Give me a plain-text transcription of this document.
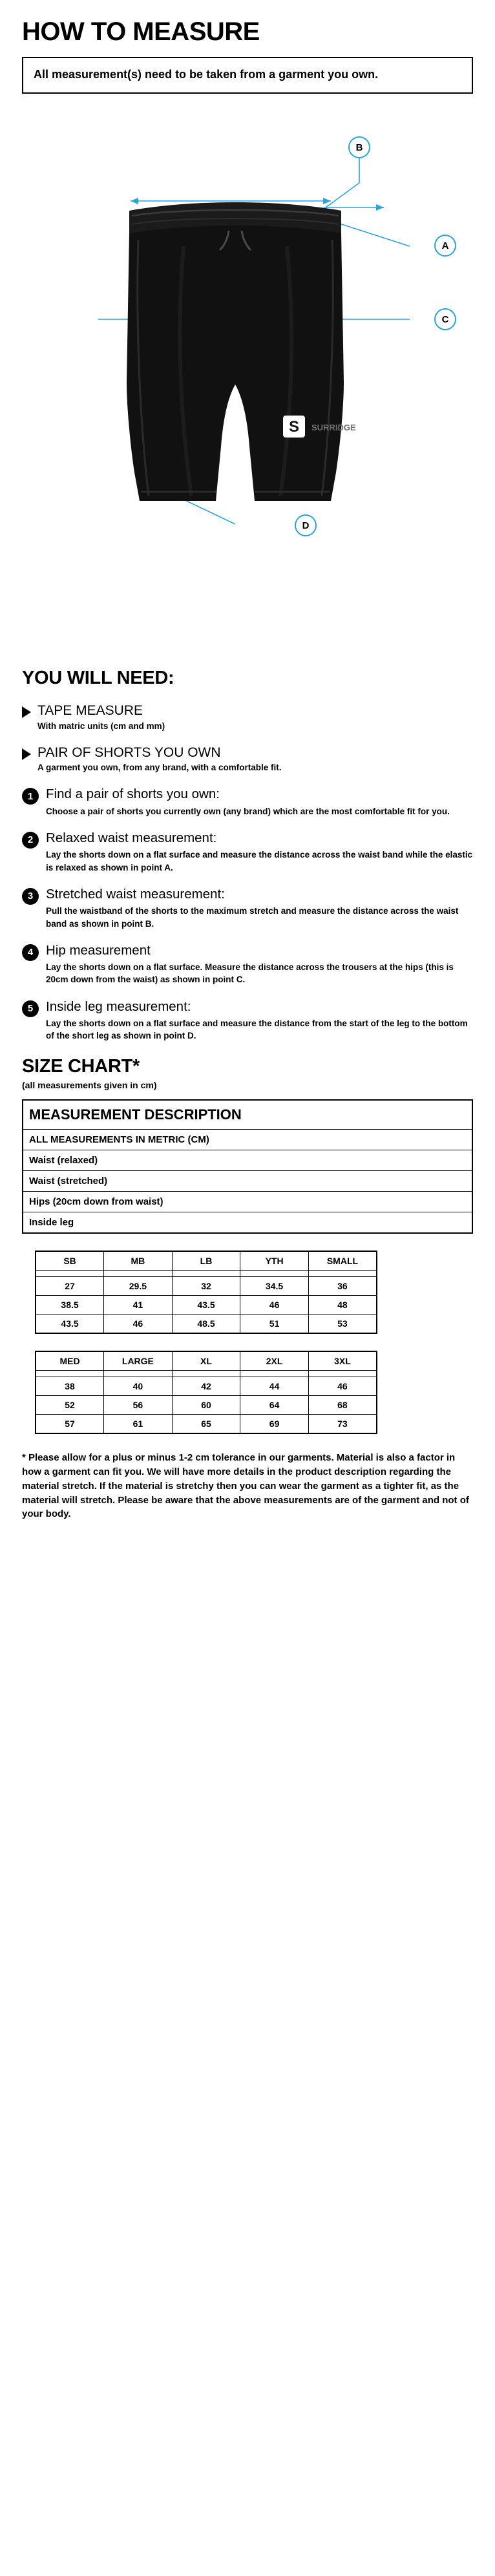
HOW TO MEASURE
All measurement(s) need to be taken from a garment you own.
S SURRIDGE
B
A
C
D
YOU WILL NEED:
TAPE MEASURE
With matric units (cm and mm)
PAIR OF SHORTS YOU OWN
A garment you own, from any brand, with a comfortable fit.
1 Find a pair of shorts you own:
Choose a pair of shorts you currently own (any brand) which are the most comfortable fit for you.
2 Relaxed waist measurement:
Lay the shorts down on a flat surface and measure the distance across the waist band while the elastic is relaxed as shown in point A.
3 Stretched waist measurement:
Pull the waistband of the shorts to the maximum stretch and measure the distance across the waist band as shown in point B.
4 Hip measurement
Lay the shorts down on a flat surface. Measure the distance across the trousers at the hips (this is 20cm down from the waist) as shown in point C.
5 Inside leg measurement:
Lay the shorts down on a flat surface and measure the distance from the start of the leg to the bottom of the short leg as shown in point D.
SIZE CHART*
(all measurements given in cm)
MEASUREMENT DESCRIPTION
ALL MEASUREMENTS IN METRIC (CM)
Waist (relaxed)
Waist (stretched)
Hips (20cm down from waist)
Inside leg
SB	MB	LB	YTH	SMALL

27	29.5	32	34.5	36
38.5	41	43.5	46	48
43.5	46	48.5	51	53
MED	LARGE	XL	2XL	3XL

38	40	42	44	46
52	56	60	64	68
57	61	65	69	73
* Please allow for a plus or minus 1-2 cm tolerance in our garments. Material is also a factor in how a garment can fit you. We will have more details in the product description regarding the material stretch. If the material is stretchy then you can wear the garment as a tighter fit, as the material will stretch. Please be aware that the above measurements are of the garment and not of your body.
